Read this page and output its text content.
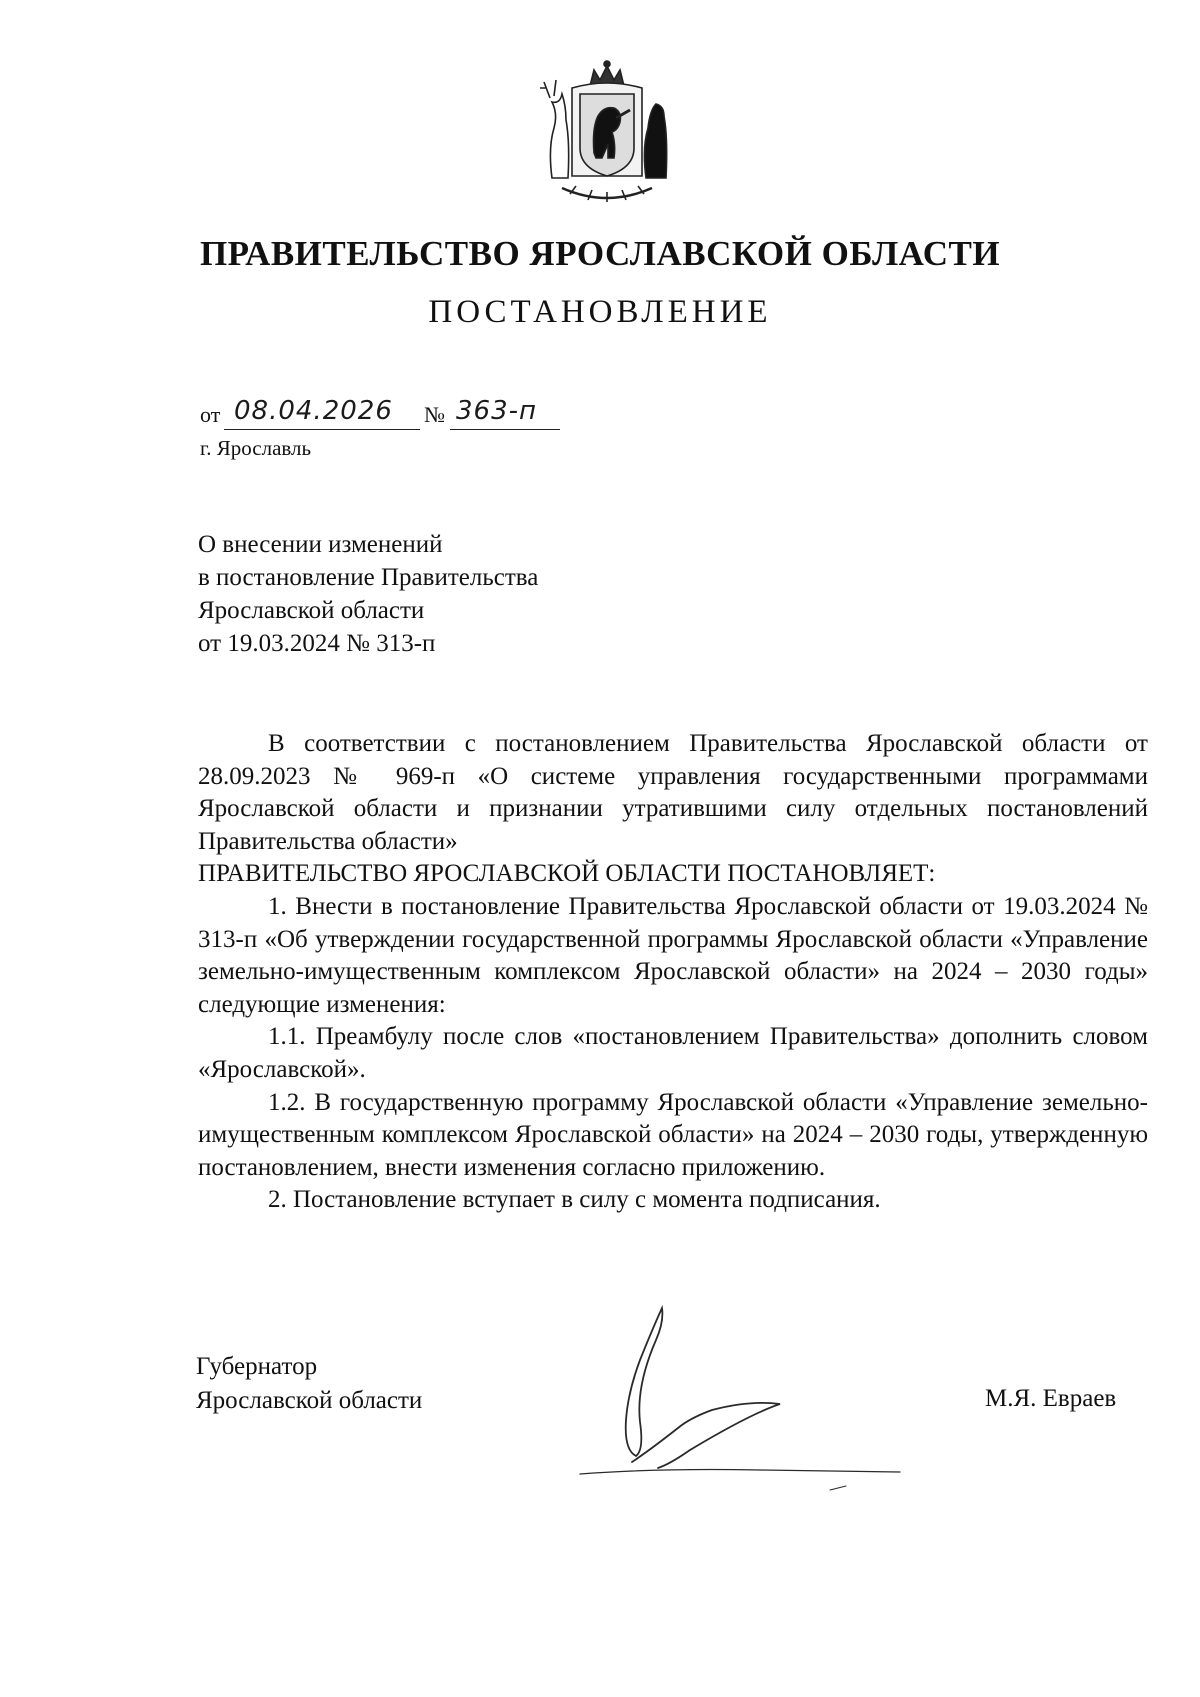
ПРАВИТЕЛЬСТВО ЯРОСЛАВСКОЙ ОБЛАСТИ
ПОСТАНОВЛЕНИЕ
от 08.04.2026 № 363-п
г. Ярославль
О внесении изменений
в постановление Правительства
Ярославской области
от 19.03.2024 № 313-п

В соответствии с постановлением Правительства Ярославской области от 28.09.2023 № 969-п «О системе управления государственными программами Ярославской области и признании утратившими силу отдельных постановлений Правительства области»

ПРАВИТЕЛЬСТВО ЯРОСЛАВСКОЙ ОБЛАСТИ ПОСТАНОВЛЯЕТ:

1. Внести в постановление Правительства Ярославской области от 19.03.2024 № 313-п «Об утверждении государственной программы Ярославской области «Управление земельно-имущественным комплексом Ярославской области» на 2024 – 2030 годы» следующие изменения:

1.1. Преамбулу после слов «постановлением Правительства» дополнить словом «Ярославской».

1.2. В государственную программу Ярославской области «Управление земельно-имущественным комплексом Ярославской области» на 2024 – 2030 годы, утвержденную постановлением, внести изменения согласно приложению.

2. Постановление вступает в силу с момента подписания.

Губернатор
Ярославской области	М.Я. Евраев
